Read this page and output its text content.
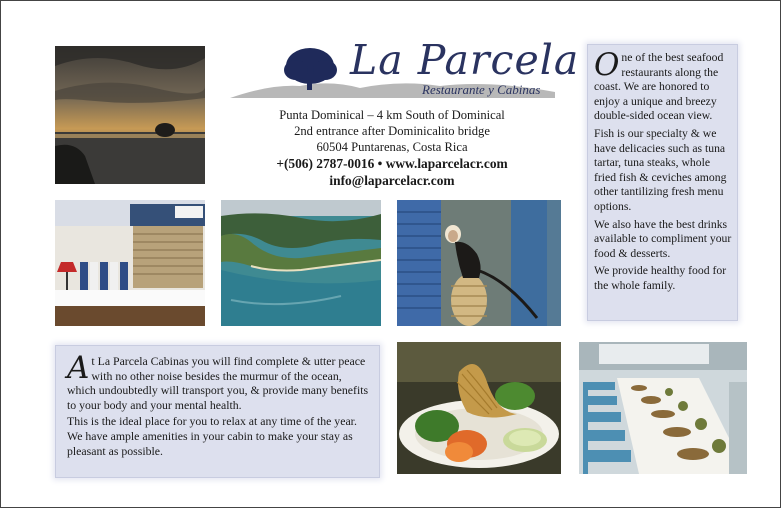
La Parcela
Restaurante y Cabinas
Punta Dominical – 4 km South of Dominical
2nd entrance after Dominicalito bridge
60504 Puntarenas, Costa Rica
+(506) 2787-0016 • www.laparcelacr.com
info@laparcelacr.com

One of the best seafood restaurants along the coast. We are honored to enjoy a unique and breezy double-sided ocean view.

Fish is our specialty & we have delicacies such as tuna tartar, tuna steaks, whole fried fish & ceviches among other tantilizing fresh menu options.

We also have the best drinks available to compliment your food & desserts.

We provide healthy food for the whole family.

At La Parcela Cabinas you will find complete & utter peace with no other noise besides the murmur of the ocean, which undoubtedly will transport you, & provide many benefits to your body and your mental health.

This is the ideal place for you to relax at any time of the year. We have ample amenities in your cabin to make your stay as pleasant as possible.
